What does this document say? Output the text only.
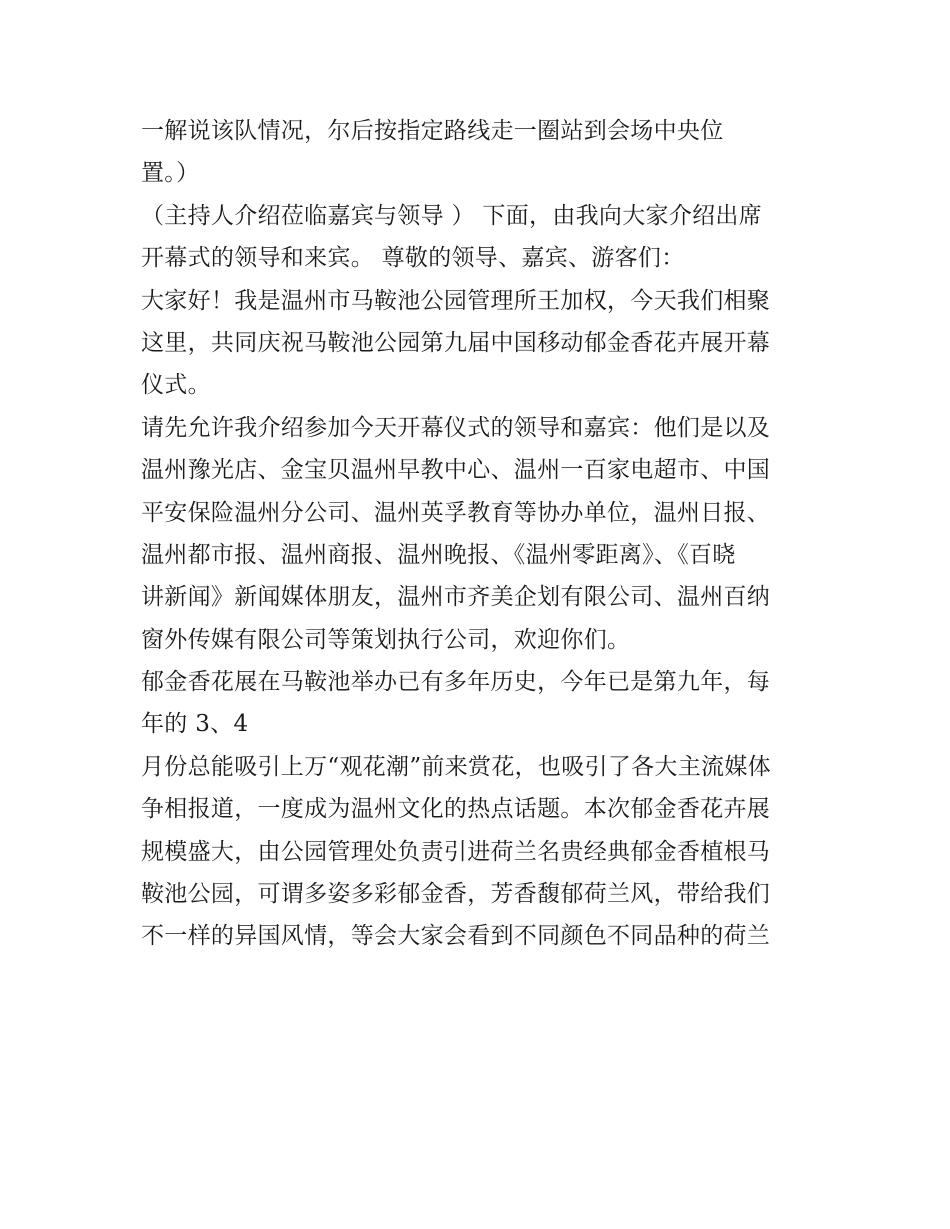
一解说该队情况，尔后按指定路线走一圈站到会场中央位
置。）
（主持人介绍莅临嘉宾与领导 ） 下面，由我向大家介绍出席
开幕式的领导和来宾。 尊敬的领导、嘉宾、游客们：
大家好！我是温州市马鞍池公园管理所王加权，今天我们相聚
这里，共同庆祝马鞍池公园第九届中国移动郁金香花卉展开幕
仪式。
请先允许我介绍参加今天开幕仪式的领导和嘉宾：他们是以及
温州豫光店、金宝贝温州早教中心、温州一百家电超市、中国
平安保险温州分公司、温州英孚教育等协办单位，温州日报、
温州都市报、温州商报、温州晚报、《温州零距离》、《百晓
讲新闻》新闻媒体朋友，温州市齐美企划有限公司、温州百纳
窗外传媒有限公司等策划执行公司，欢迎你们。
郁金香花展在马鞍池举办已有多年历史，今年已是第九年，每
年的 3、4
月份总能吸引上万“观花潮”前来赏花，也吸引了各大主流媒体
争相报道，一度成为温州文化的热点话题。本次郁金香花卉展
规模盛大，由公园管理处负责引进荷兰名贵经典郁金香植根马
鞍池公园，可谓多姿多彩郁金香，芳香馥郁荷兰风，带给我们
不一样的异国风情，等会大家会看到不同颜色不同品种的荷兰
